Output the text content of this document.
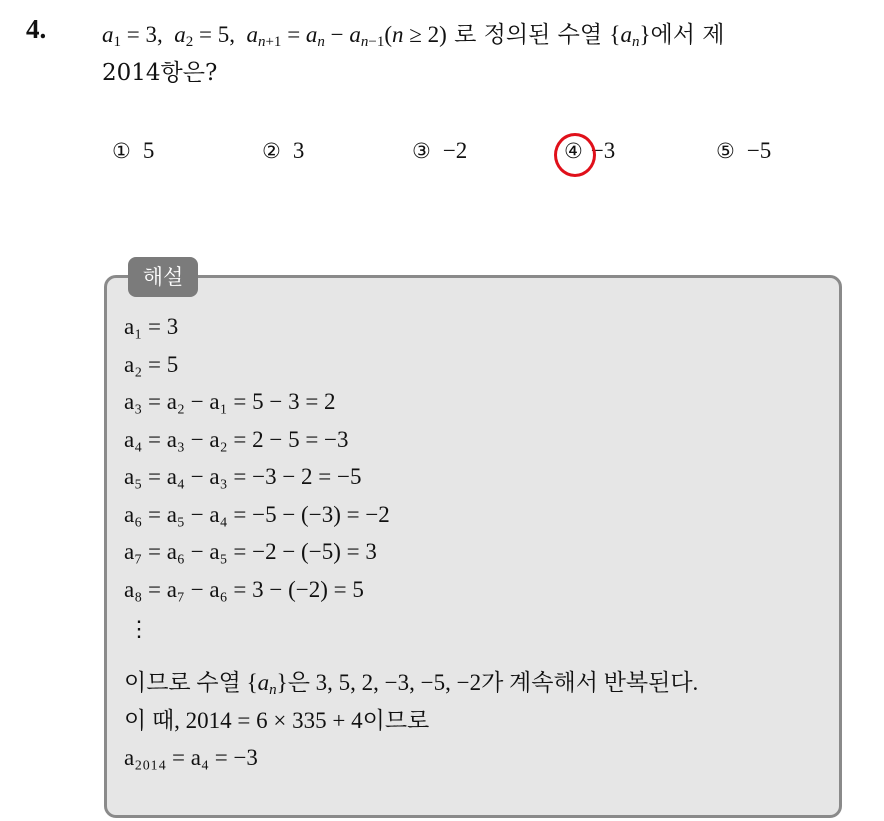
4. $a_1 = 3$,  $a_2 = 5$,  $a_{n+1} = a_n - a_{n-1}(n \ge 2)$ 로 정의된 수열 $\{a_n\}$에서 제
2014항은?
① 5	② 3	③ −2	④ −3	⑤ −5
해설
a₁ = 3
a₂ = 5
a₃ = a₂ − a₁ = 5 − 3 = 2
a₄ = a₃ − a₂ = 2 − 5 = −3
a₅ = a₄ − a₃ = −3 − 2 = −5
a₆ = a₅ − a₄ = −5 − (−3) = −2
a₇ = a₆ − a₅ = −2 − (−5) = 3
a₈ = a₇ − a₆ = 3 − (−2) = 5
⋮
이므로 수열 $\{a_n\}$은 3, 5, 2, −3, −5, −2가 계속해서 반복된다.
이 때, 2014 = 6 × 335 + 4이므로
a₂₀₁₄ = a₄ = −3
